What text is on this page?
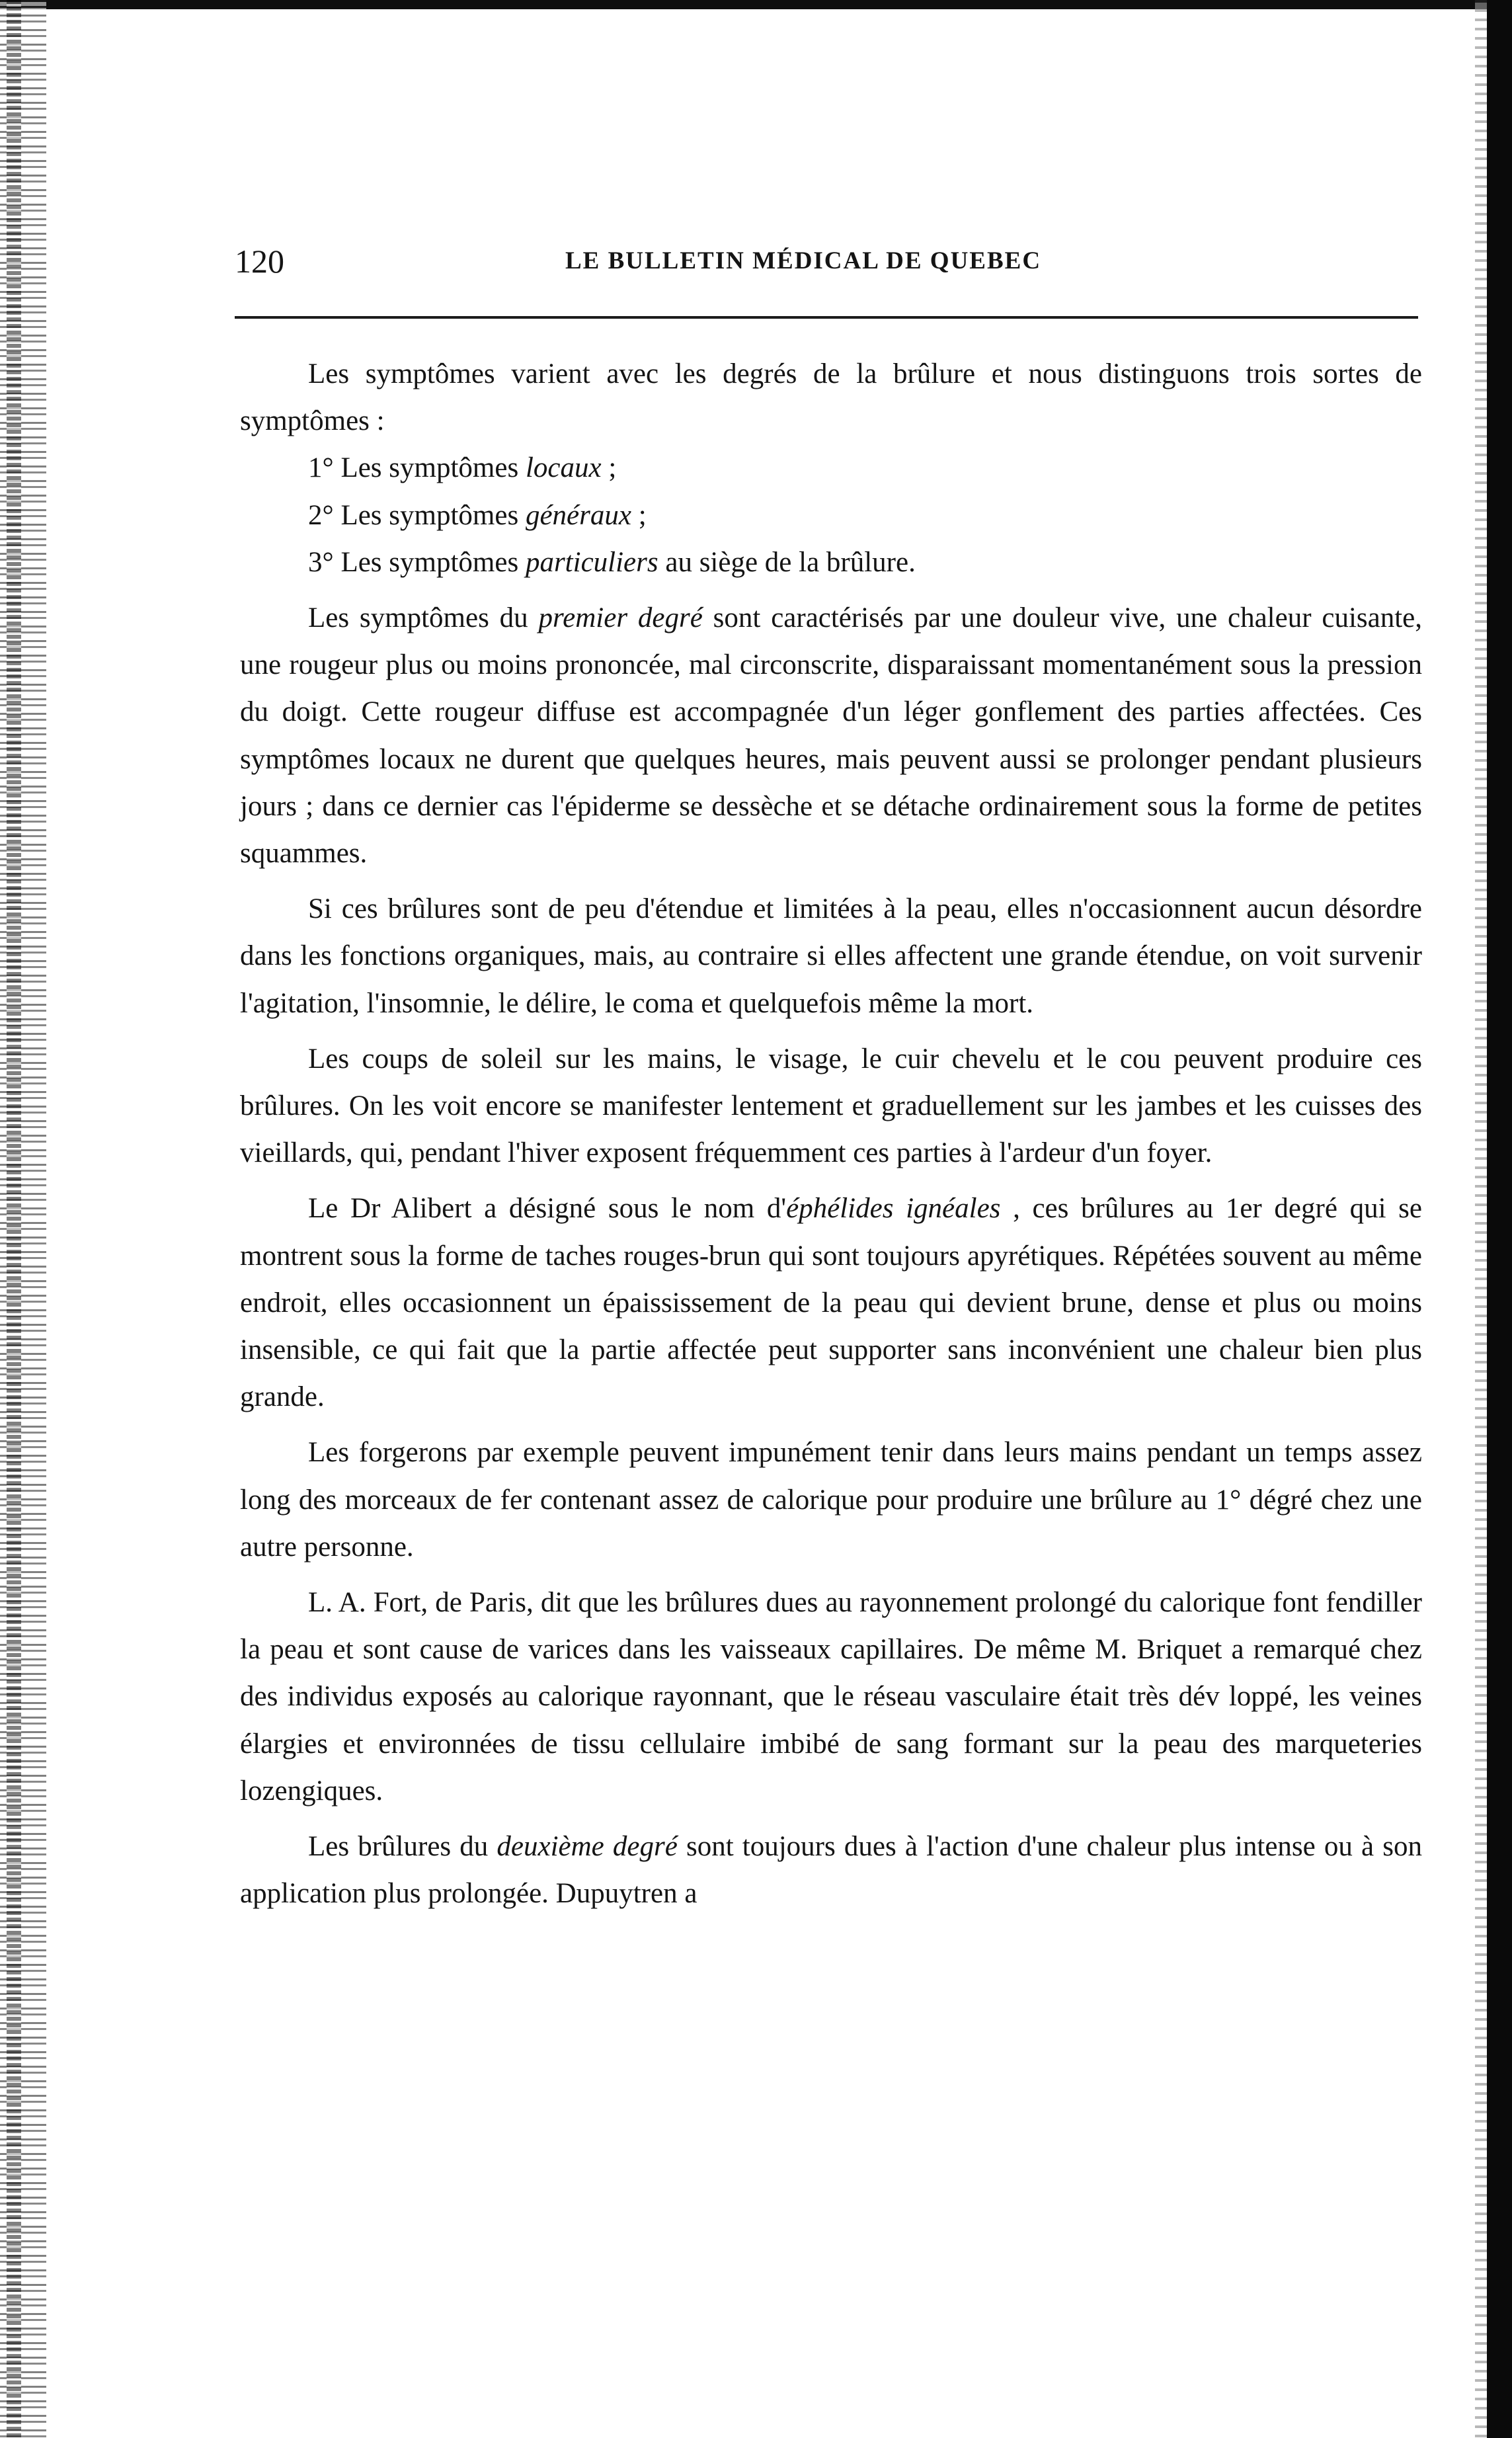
120	LE BULLETIN MÉDICAL DE QUEBEC

Les symptômes varient avec les degrés de la brûlure et nous distinguons trois sortes de symptômes :

1° Les symptômes locaux ;
2° Les symptômes généraux ;
3° Les symptômes particuliers au siège de la brûlure.

Les symptômes du premier degré sont caractérisés par une douleur vive, une chaleur cuisante, une rougeur plus ou moins prononcée, mal circonscrite, disparaissant momentanément sous la pression du doigt. Cette rougeur diffuse est accompagnée d'un léger gonflement des parties affectées. Ces symptômes locaux ne durent que quelques heures, mais peuvent aussi se prolonger pendant plusieurs jours ; dans ce dernier cas l'épiderme se dessèche et se détache ordinairement sous la forme de petites squammes.

Si ces brûlures sont de peu d'étendue et limitées à la peau, elles n'occasionnent aucun désordre dans les fonctions organiques, mais, au contraire si elles affectent une grande étendue, on voit survenir l'agitation, l'insomnie, le délire, le coma et quelquefois même la mort.

Les coups de soleil sur les mains, le visage, le cuir chevelu et le cou peuvent produire ces brûlures. On les voit encore se manifester lentement et graduellement sur les jambes et les cuisses des vieillards, qui, pendant l'hiver exposent fréquemment ces parties à l'ardeur d'un foyer.

Le Dr Alibert a désigné sous le nom d'éphélides ignéales , ces brûlures au 1er degré qui se montrent sous la forme de taches rouges-brun qui sont toujours apyrétiques. Répétées souvent au même endroit, elles occasionnent un épaississement de la peau qui devient brune, dense et plus ou moins insensible, ce qui fait que la partie affectée peut supporter sans inconvénient une chaleur bien plus grande.

Les forgerons par exemple peuvent impunément tenir dans leurs mains pendant un temps assez long des morceaux de fer contenant assez de calorique pour produire une brûlure au 1° dégré chez une autre personne.

L. A. Fort, de Paris, dit que les brûlures dues au rayonnement prolongé du calorique font fendiller la peau et sont cause de varices dans les vaisseaux capillaires. De même M. Briquet a remarqué chez des individus exposés au calorique rayonnant, que le réseau vasculaire était très dév loppé, les veines élargies et environnées de tissu cellulaire imbibé de sang formant sur la peau des marqueteries lozengiques.

Les brûlures du deuxième degré sont toujours dues à l'action d'une chaleur plus intense ou à son application plus prolongée. Dupuytren a
